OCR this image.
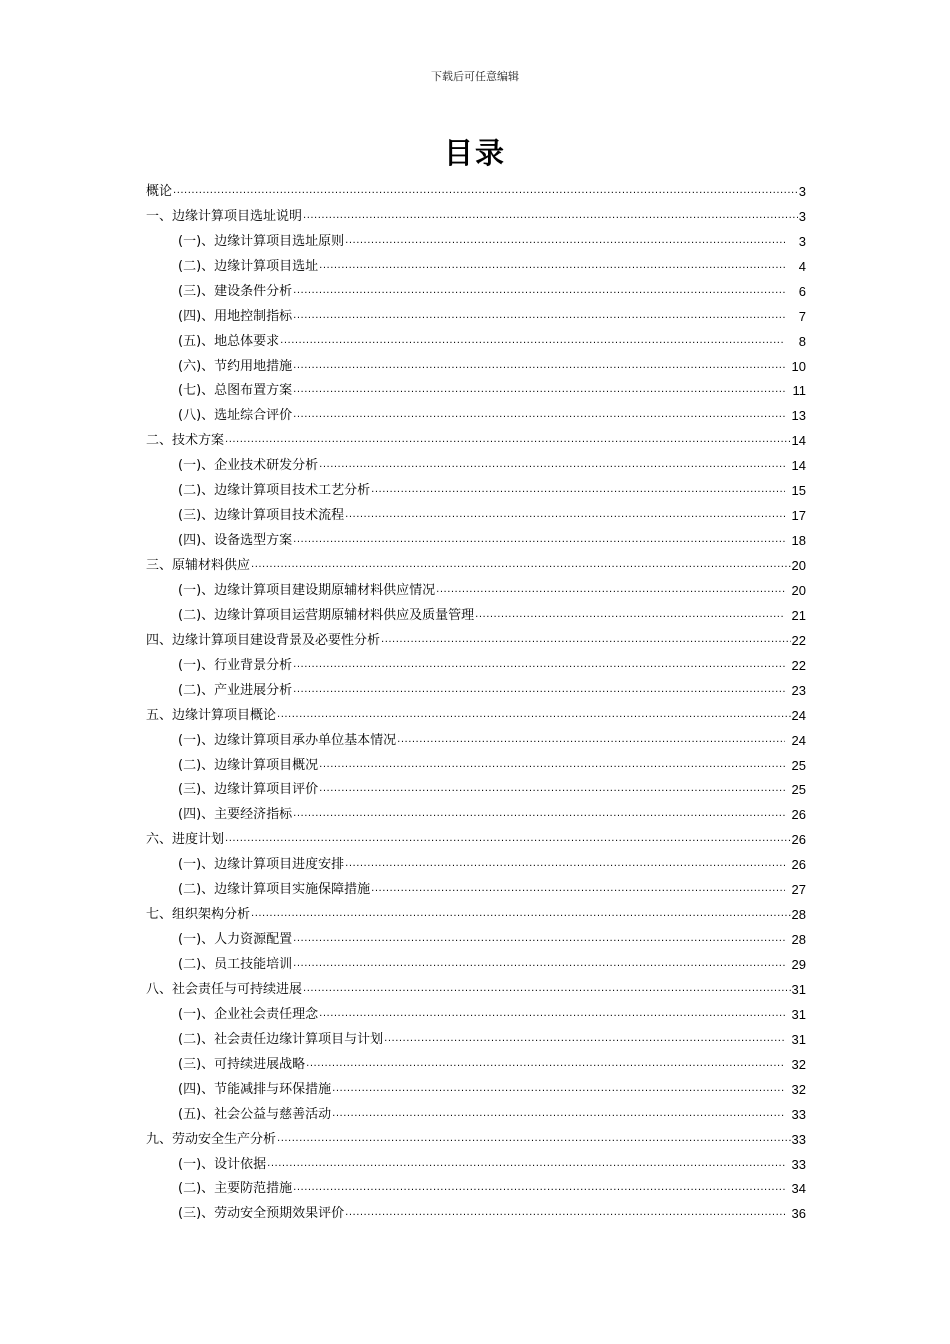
下载后可任意编辑
目录
概论 .....	3
一、边缘计算项目选址说明 .....	3
(一)、边缘计算项目选址原则 .....	3
(二)、边缘计算项目选址 .....	4
(三)、建设条件分析 .....	6
(四)、用地控制指标 .....	7
(五)、地总体要求 .....	8
(六)、节约用地措施 .....	10
(七)、总图布置方案 .....	11
(八)、选址综合评价 .....	13
二、技术方案 .....	14
(一)、企业技术研发分析 .....	14
(二)、边缘计算项目技术工艺分析 .....	15
(三)、边缘计算项目技术流程 .....	17
(四)、设备选型方案 .....	18
三、原辅材料供应 .....	20
(一)、边缘计算项目建设期原辅材料供应情况 .....	20
(二)、边缘计算项目运营期原辅材料供应及质量管理 .....	21
四、边缘计算项目建设背景及必要性分析 .....	22
(一)、行业背景分析 .....	22
(二)、产业进展分析 .....	23
五、边缘计算项目概论 .....	24
(一)、边缘计算项目承办单位基本情况 .....	24
(二)、边缘计算项目概况 .....	25
(三)、边缘计算项目评价 .....	25
(四)、主要经济指标 .....	26
六、进度计划 .....	26
(一)、边缘计算项目进度安排 .....	26
(二)、边缘计算项目实施保障措施 .....	27
七、组织架构分析 .....	28
(一)、人力资源配置 .....	28
(二)、员工技能培训 .....	29
八、社会责任与可持续进展 .....	31
(一)、企业社会责任理念 .....	31
(二)、社会责任边缘计算项目与计划 .....	31
(三)、可持续进展战略 .....	32
(四)、节能减排与环保措施 .....	32
(五)、社会公益与慈善活动 .....	33
九、劳动安全生产分析 .....	33
(一)、设计依据 .....	33
(二)、主要防范措施 .....	34
(三)、劳动安全预期效果评价 .....	36
